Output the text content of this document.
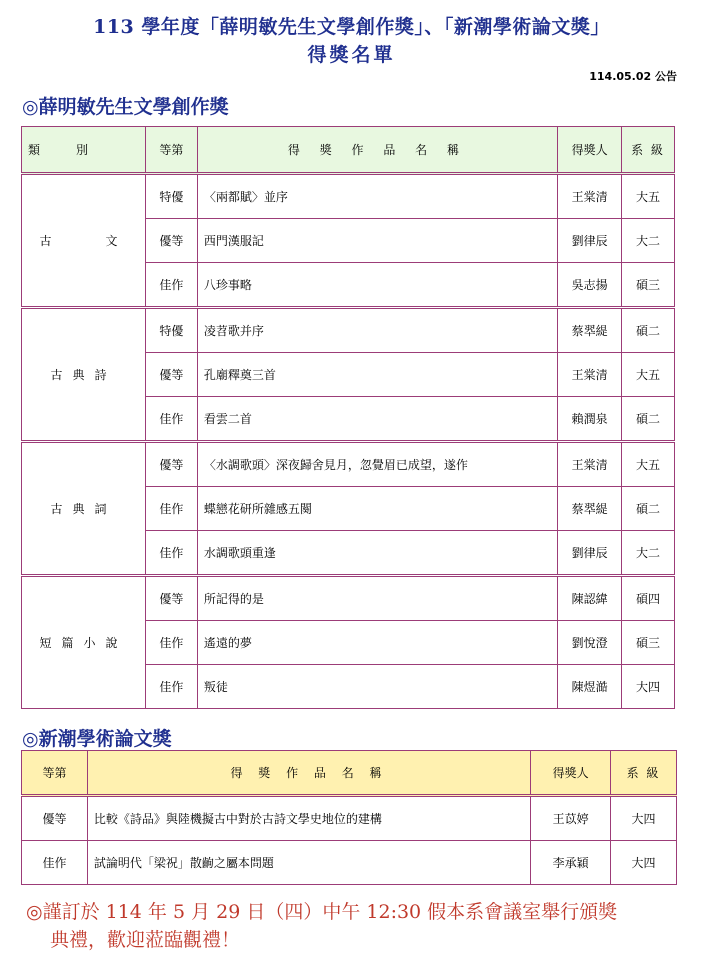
113 學年度「薛明敏先生文學創作獎」、「新潮學術論文獎」
得獎名單
114.05.02 公告
◎薛明敏先生文學創作獎
類　　　別	等第	得 獎 作 品 名 稱	得獎人	系 級
古　　文	特優	〈兩都賦〉並序	王棠清	大五
	優等	西門漢服記	劉律辰	大二
	佳作	八珍事略	吳志揚	碩三
古典詩	特優	凌苕歌并序	蔡翆緹	碩二
	優等	孔廟釋奠三首	王棠清	大五
	佳作	看雲二首	賴潤泉	碩二
古典詞	優等	〈水調歌頭〉深夜歸舍見月，忽覺眉已成望，遂作	王棠清	大五
	佳作	蝶戀花研所雜感五闋	蔡翆緹	碩二
	佳作	水調歌頭重逢	劉律辰	大二
短篇小說	優等	所記得的是	陳認緯	碩四
	佳作	遙遠的夢	劉悅澄	碩三
	佳作	叛徒	陳煜澔	大四
◎新潮學術論文獎
等第	得 獎 作 品 名 稱	得獎人	系 級
優等	比較《詩品》與陸機擬古中對於古詩文學史地位的建構	王苡婷	大四
佳作	試論明代「梁祝」散齣之屬本問題	李承穎	大四
◎謹訂於 114 年 5 月 29 日（四）中午 12:30 假本系會議室舉行頒獎
典禮，歡迎蒞臨觀禮！
